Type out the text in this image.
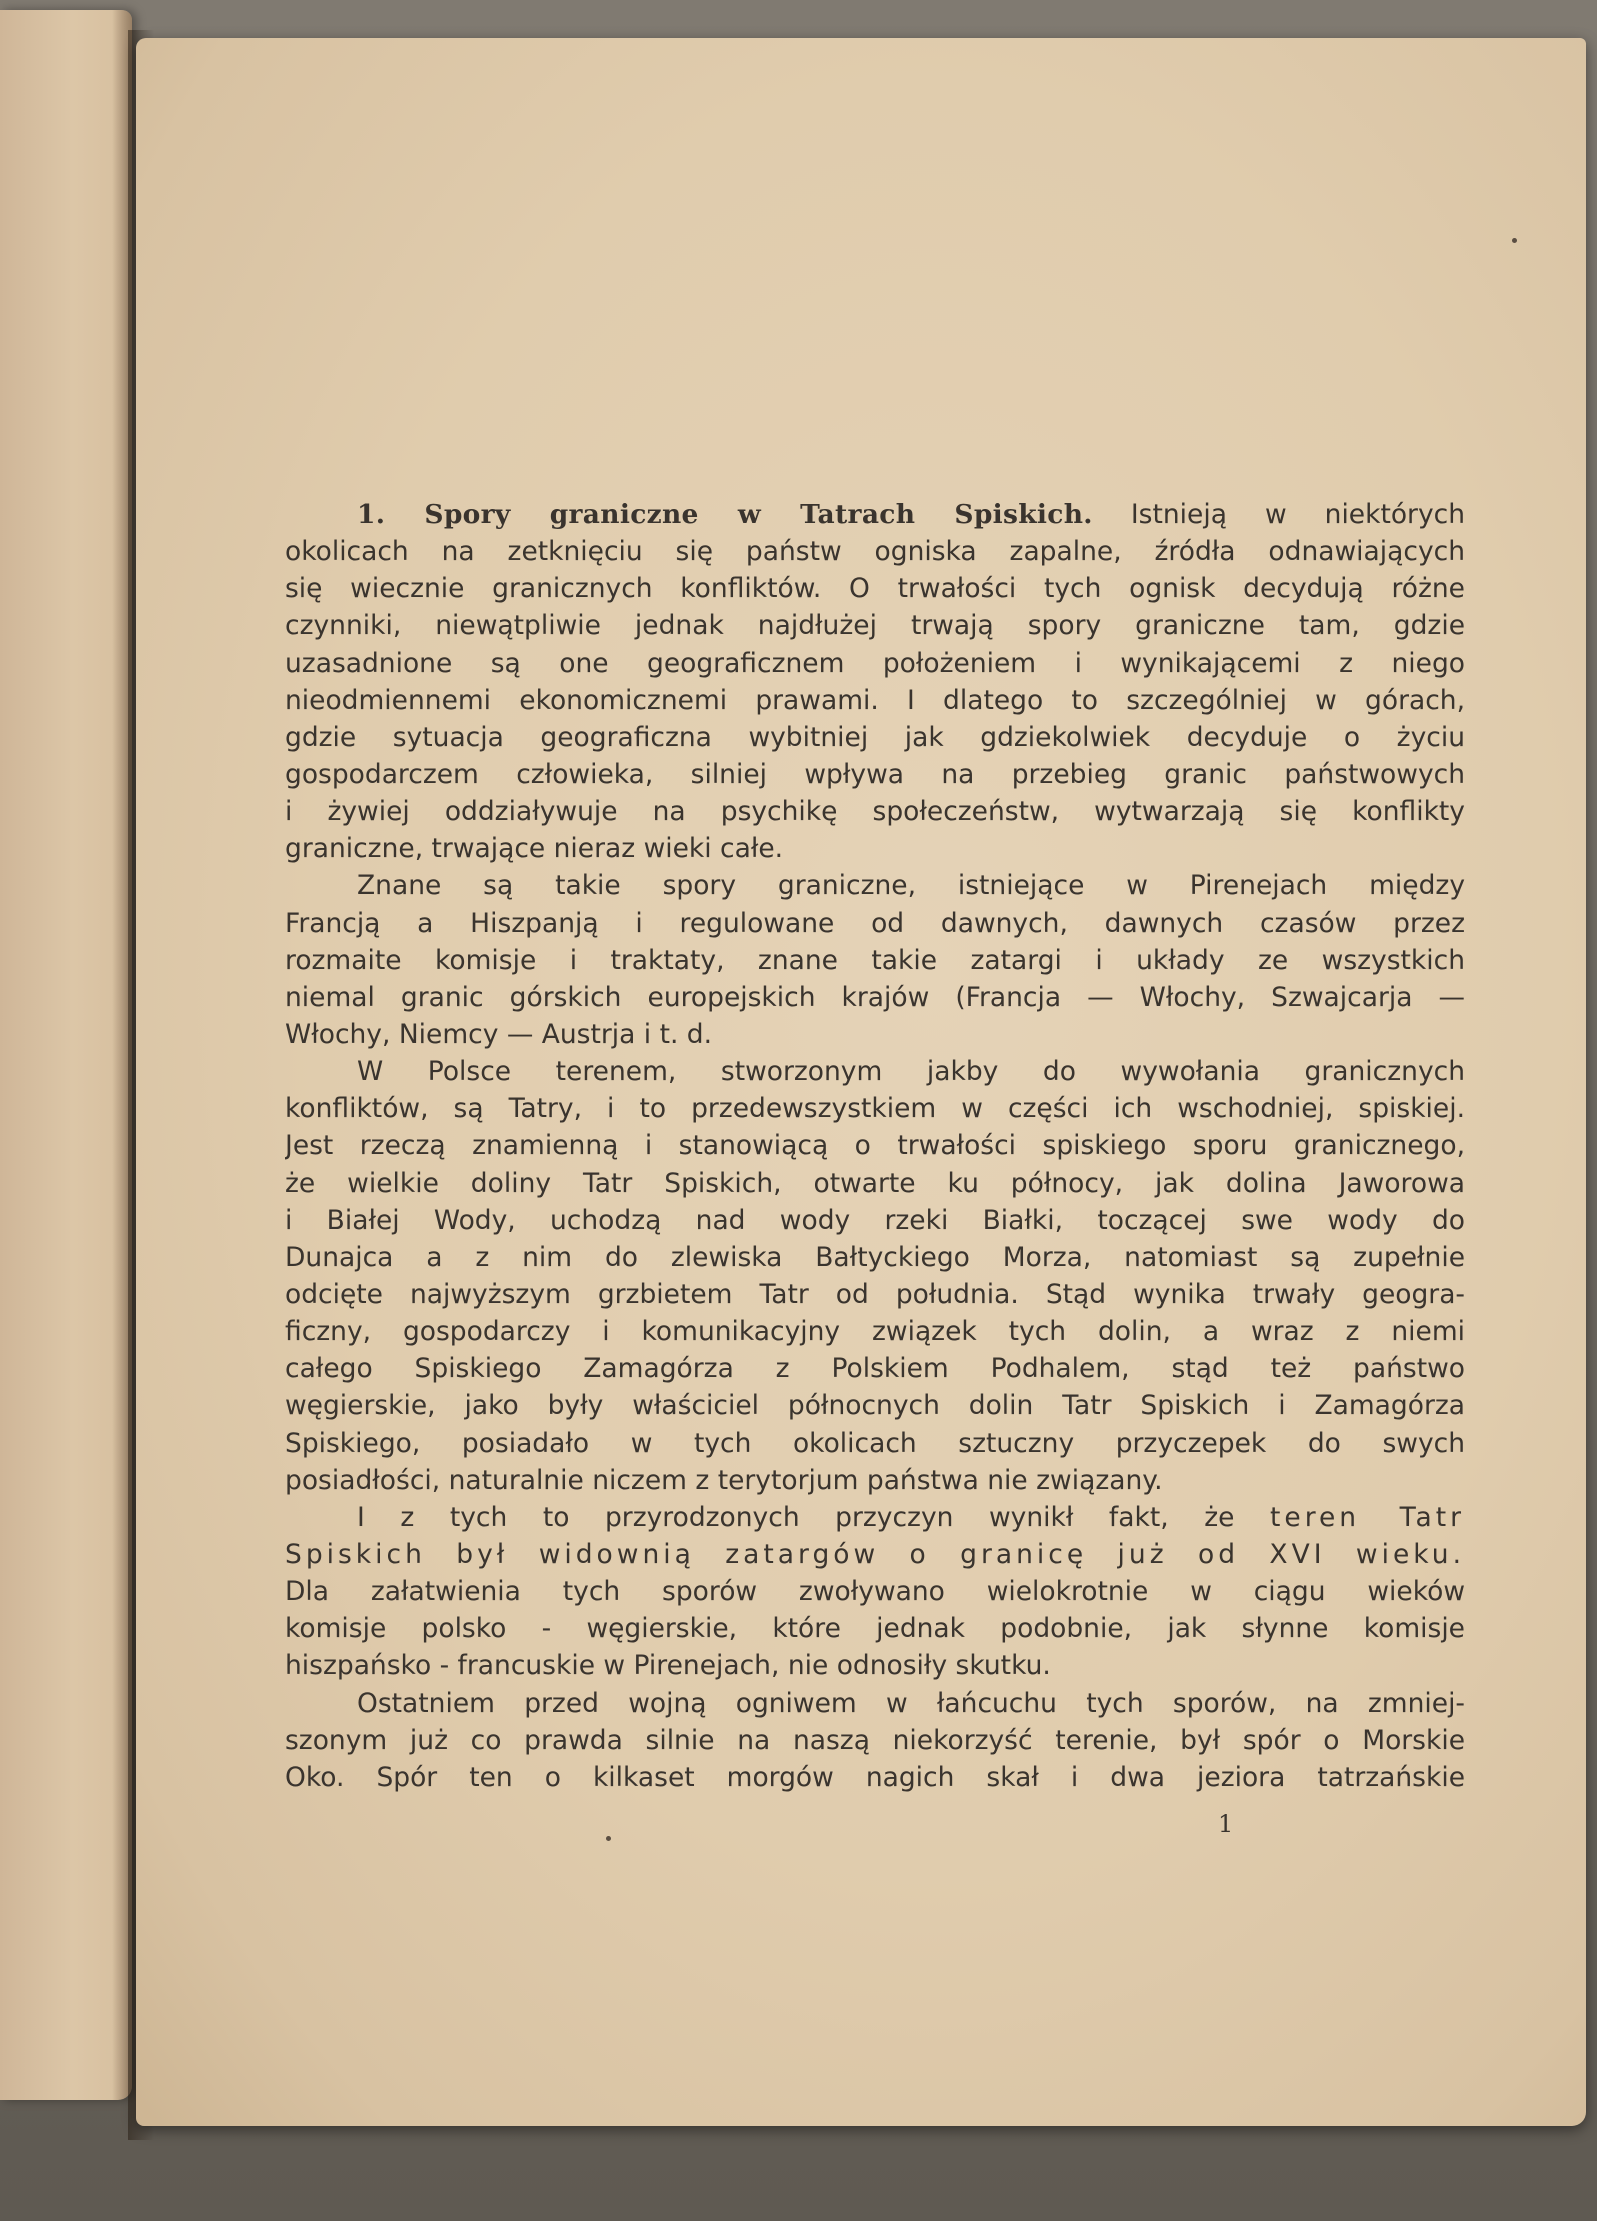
1. Spory graniczne w Tatrach Spiskich. Istnieją w niektórych
okolicach na zetknięciu się państw ogniska zapalne, źródła odnawiających
się wiecznie granicznych konfliktów. O trwałości tych ognisk decydują różne
czynniki, niewątpliwie jednak najdłużej trwają spory graniczne tam, gdzie
uzasadnione są one geograficznem położeniem i wynikającemi z niego
nieodmiennemi ekonomicznemi prawami. I dlatego to szczególniej w górach,
gdzie sytuacja geograficzna wybitniej jak gdziekolwiek decyduje o życiu
gospodarczem człowieka, silniej wpływa na przebieg granic państwowych
i żywiej oddziaływuje na psychikę społeczeństw, wytwarzają się konflikty
graniczne, trwające nieraz wieki całe.
Znane są takie spory graniczne, istniejące w Pirenejach między
Francją a Hiszpanją i regulowane od dawnych, dawnych czasów przez
rozmaite komisje i traktaty, znane takie zatargi i układy ze wszystkich
niemal granic górskich europejskich krajów (Francja — Włochy, Szwajcarja —
Włochy, Niemcy — Austrja i t. d.
W Polsce terenem, stworzonym jakby do wywołania granicznych
konfliktów, są Tatry, i to przedewszystkiem w części ich wschodniej, spiskiej.
Jest rzeczą znamienną i stanowiącą o trwałości spiskiego sporu granicznego,
że wielkie doliny Tatr Spiskich, otwarte ku północy, jak dolina Jaworowa
i Białej Wody, uchodzą nad wody rzeki Białki, toczącej swe wody do
Dunajca a z nim do zlewiska Bałtyckiego Morza, natomiast są zupełnie
odcięte najwyższym grzbietem Tatr od południa. Stąd wynika trwały geogra-
ficzny, gospodarczy i komunikacyjny związek tych dolin, a wraz z niemi
całego Spiskiego Zamagórza z Polskiem Podhalem, stąd też państwo
węgierskie, jako były właściciel północnych dolin Tatr Spiskich i Zamagórza
Spiskiego, posiadało w tych okolicach sztuczny przyczepek do swych
posiadłości, naturalnie niczem z terytorjum państwa nie związany.
I z tych to przyrodzonych przyczyn wynikł fakt, że teren Tatr
Spiskich był widownią zatargów o granicę już od XVI wieku.
Dla załatwienia tych sporów zwoływano wielokrotnie w ciągu wieków
komisje polsko - węgierskie, które jednak podobnie, jak słynne komisje
hiszpańsko - francuskie w Pirenejach, nie odnosiły skutku.
Ostatniem przed wojną ogniwem w łańcuchu tych sporów, na zmniej-
szonym już co prawda silnie na naszą niekorzyść terenie, był spór o Morskie
Oko. Spór ten o kilkaset morgów nagich skał i dwa jeziora tatrzańskie
1
